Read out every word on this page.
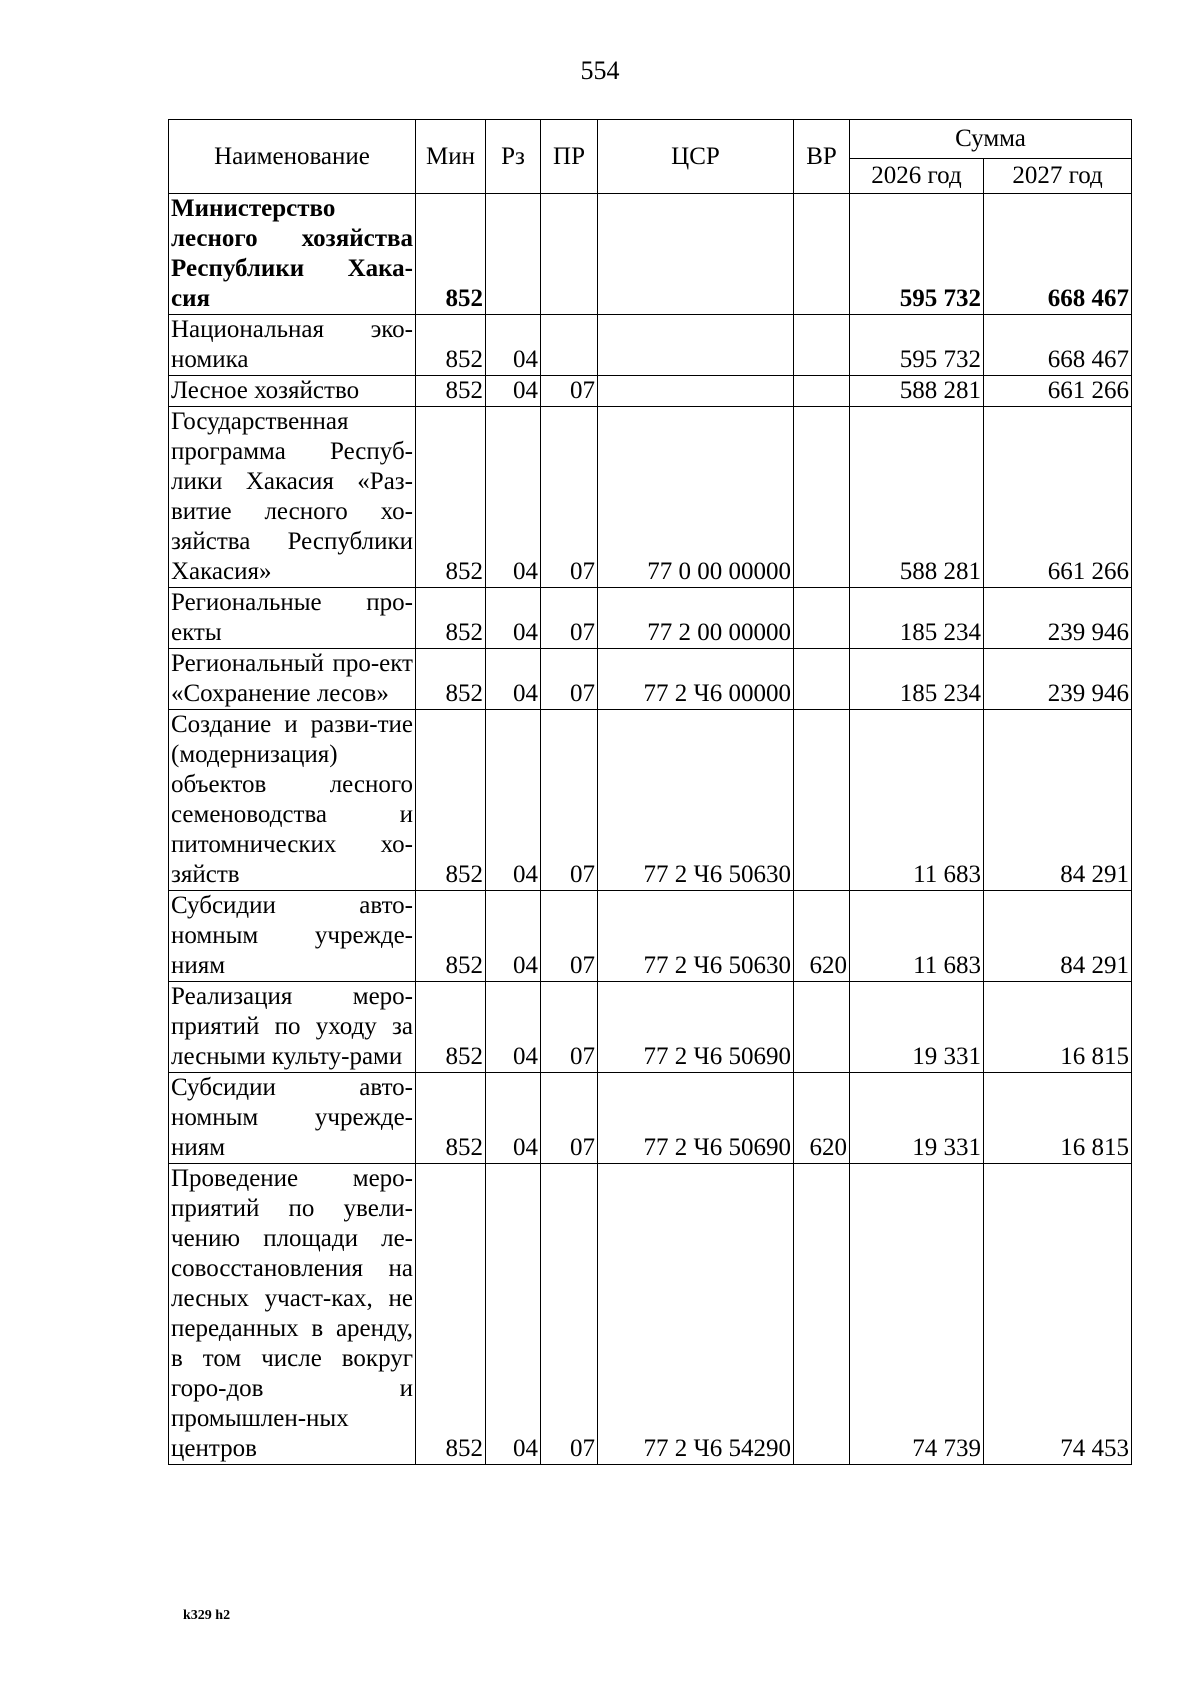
554
Наименование	Мин	Рз	ПР	ЦСР	ВР	Сумма	
						2026 год	2027 год
Министерство лесного хозяйства Республики Хака-сия	852					595 732	668 467
Национальная эко-номика	852	04				595 732	668 467
Лесное хозяйство	852	04	07			588 281	661 266
Государственная программа Респуб-лики Хакасия «Раз-витие лесного хо-зяйства Республики Хакасия»	852	04	07	77 0 00 00000		588 281	661 266
Региональные про-екты	852	04	07	77 2 00 00000		185 234	239 946
Региональный про-ект «Сохранение лесов»	852	04	07	77 2 Ч6 00000		185 234	239 946
Создание и разви-тие (модернизация) объектов лесного семеноводства и питомнических хо-зяйств	852	04	07	77 2 Ч6 50630		11 683	84 291
Субсидии авто-номным учрежде-ниям	852	04	07	77 2 Ч6 50630	620	11 683	84 291
Реализация меро-приятий по уходу за лесными культу-рами	852	04	07	77 2 Ч6 50690		19 331	16 815
Субсидии авто-номным учрежде-ниям	852	04	07	77 2 Ч6 50690	620	19 331	16 815
Проведение меро-приятий по увели-чению площади ле-совосстановления на лесных участ-ках, не переданных в аренду, в том числе вокруг горо-дов и промышлен-ных центров	852	04	07	77 2 Ч6 54290		74 739	74 453
k329 h2
